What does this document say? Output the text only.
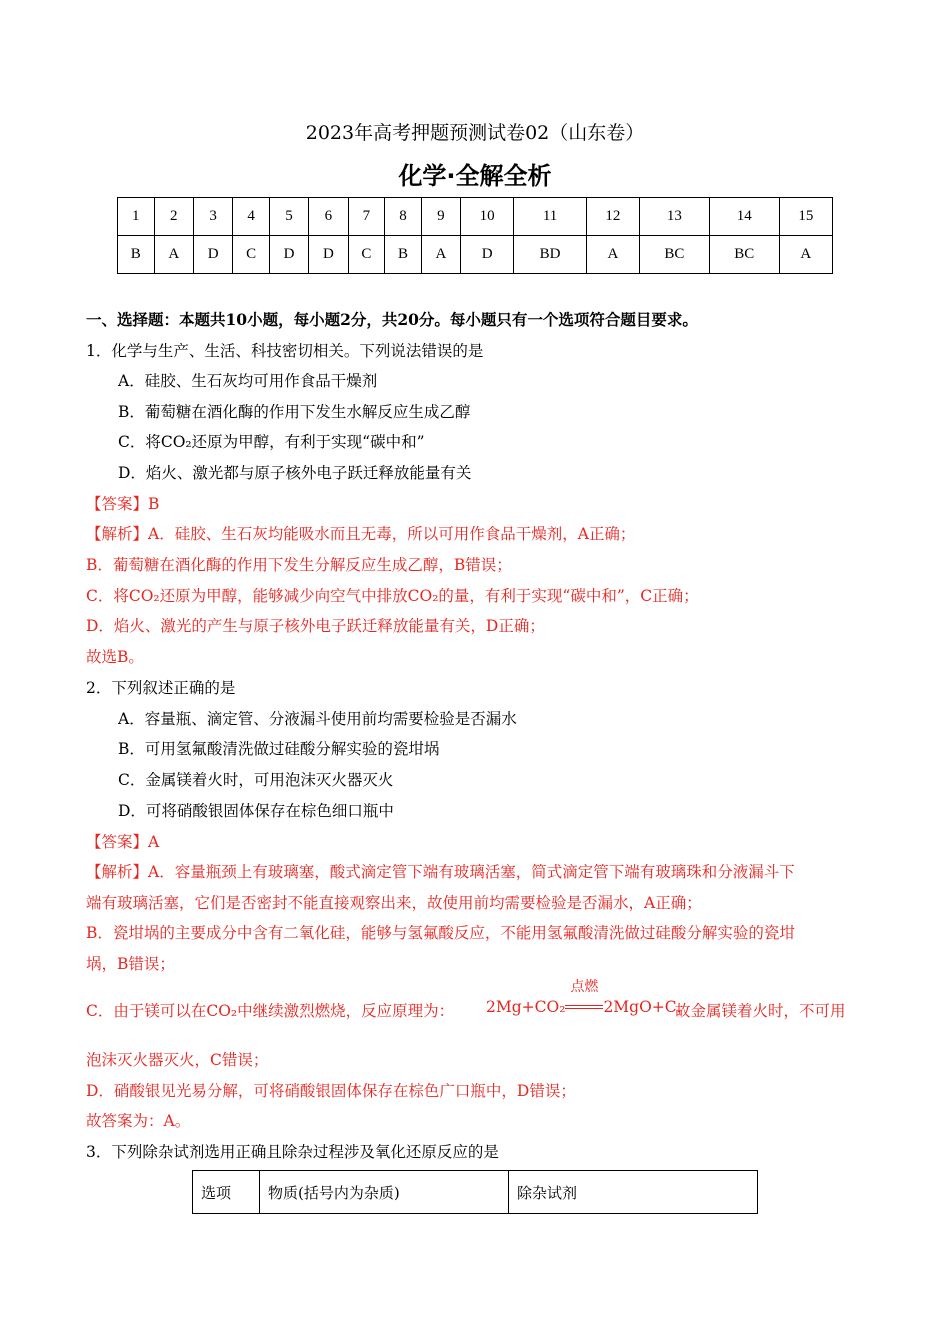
2023年高考押题预测试卷02（山东卷）
化学·全解全析
1	2	3	4	5	6	7	8	9	10	11	12	13	14	15
B	A	D	C	D	D	C	B	A	D	BD	A	BC	BC	A
一、选择题：本题共10小题，每小题2分，共20分。每小题只有一个选项符合题目要求。
1．化学与生产、生活、科技密切相关。下列说法错误的是
A．硅胶、生石灰均可用作食品干燥剂
B．葡萄糖在酒化酶的作用下发生水解反应生成乙醇
C．将CO₂还原为甲醇，有利于实现“碳中和”
D．焰火、激光都与原子核外电子跃迁释放能量有关
【答案】B
【解析】A．硅胶、生石灰均能吸水而且无毒，所以可用作食品干燥剂，A正确；
B．葡萄糖在酒化酶的作用下发生分解反应生成乙醇，B错误；
C．将CO₂还原为甲醇，能够减少向空气中排放CO₂的量，有利于实现“碳中和”，C正确；
D．焰火、激光的产生与原子核外电子跃迁释放能量有关，D正确；
故选B。
2．下列叙述正确的是
A．容量瓶、滴定管、分液漏斗使用前均需要检验是否漏水
B．可用氢氟酸清洗做过硅酸分解实验的瓷坩埚
C．金属镁着火时，可用泡沫灭火器灭火
D．可将硝酸银固体保存在棕色细口瓶中
【答案】A
【解析】A．容量瓶颈上有玻璃塞，酸式滴定管下端有玻璃活塞，简式滴定管下端有玻璃珠和分液漏斗下
端有玻璃活塞，它们是否密封不能直接观察出来，故使用前均需要检验是否漏水，A正确；
B．瓷坩埚的主要成分中含有二氧化硅，能够与氢氟酸反应，不能用氢氟酸清洗做过硅酸分解实验的瓷坩
埚，B错误；
C．由于镁可以在CO₂中继续激烈燃烧，反应原理为：	故金属镁着火时，不可用
2Mg+CO₂
点燃
2MgO+C，
泡沫灭火器灭火，C错误；
D．硝酸银见光易分解，可将硝酸银固体保存在棕色广口瓶中，D错误；
故答案为：A。
3．下列除杂试剂选用正确且除杂过程涉及氧化还原反应的是
选项	物质(括号内为杂质)	除杂试剂
